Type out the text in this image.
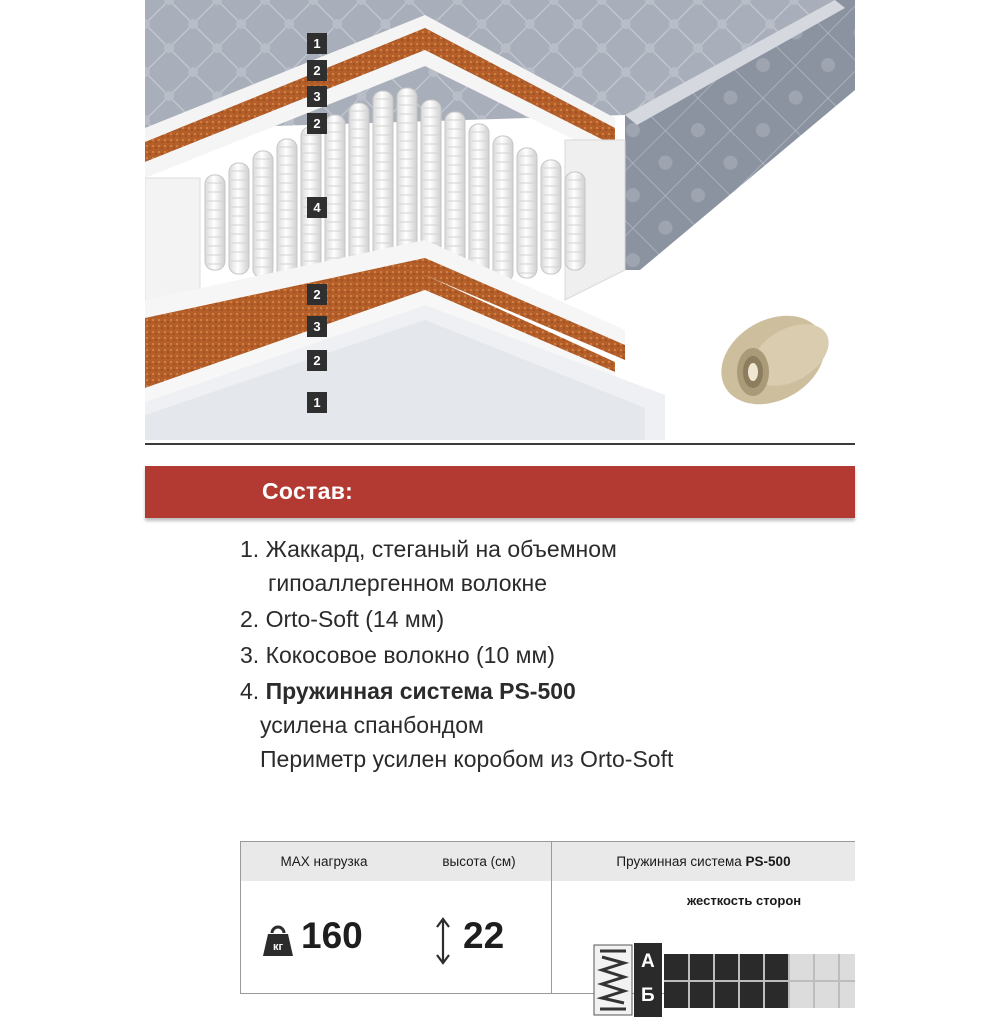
1
2
3
2
4
2
3
2
1
Состав:
1. Жаккард, стеганый на объемном
гипоаллергенном волокне
2. Orto-Soft (14 мм)
3. Кокосовое волокно (10 мм)
4. Пружинная система PS-500
усилена спанбондом
Периметр усилен коробом из Orto-Soft
MAX нагрузка	высота (см)	Пружинная система PS-500
кг 160	22
А
Б
жесткость сторон
